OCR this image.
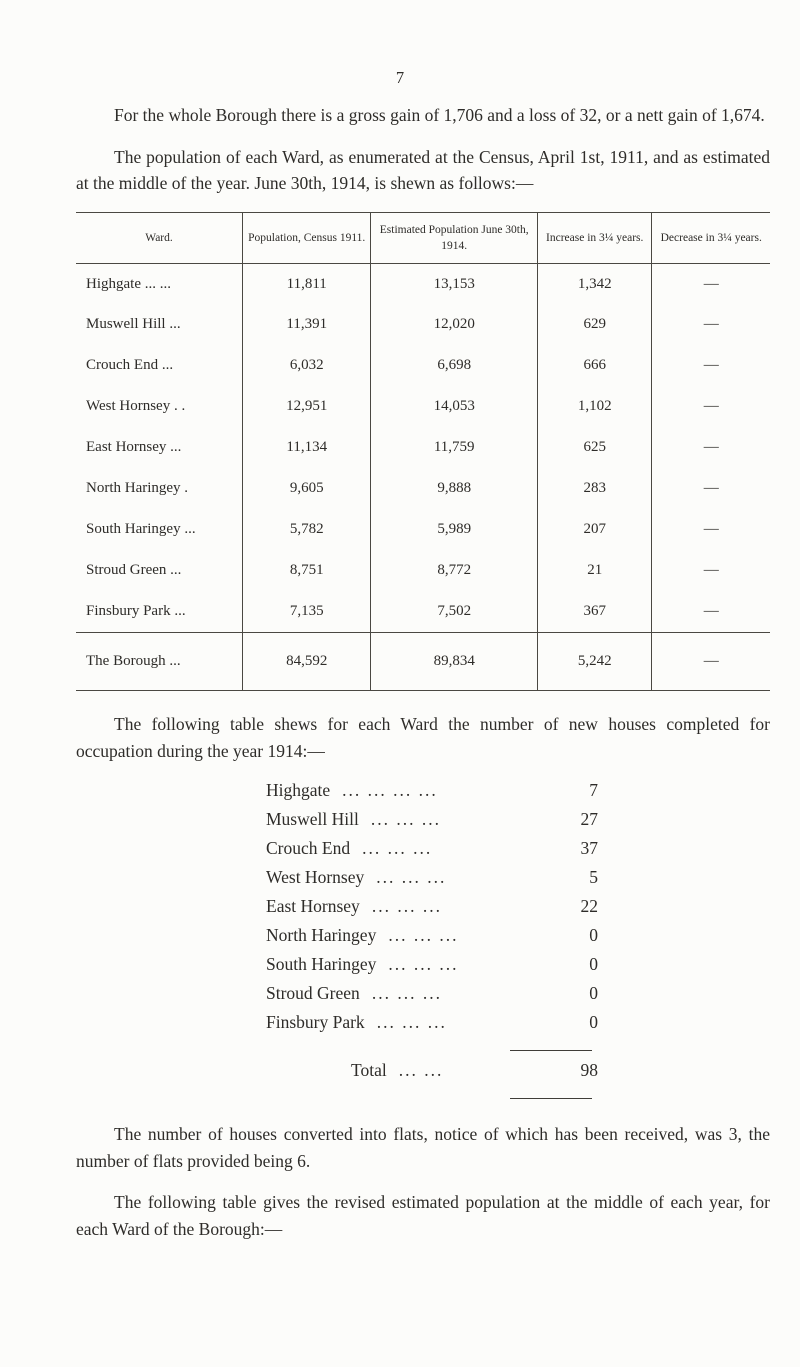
7

For the whole Borough there is a gross gain of 1,706 and a loss of 32, or a nett gain of 1,674.

The population of each Ward, as enumerated at the Census, April 1st, 1911, and as estimated at the middle of the year. June 30th, 1914, is shewn as follows:—

Ward.	Population, Census 1911.	Estimated Population June 30th, 1914.	Increase in 3¼ years.	Decrease in 3¼ years.
Highgate ... ...	11,811	13,153	1,342	—
Muswell Hill ...	11,391	12,020	629	—
Crouch End ...	6,032	6,698	666	—
West Hornsey . .	12,951	14,053	1,102	—
East Hornsey ...	11,134	11,759	625	—
North Haringey .	9,605	9,888	283	—
South Haringey ...	5,782	5,989	207	—
Stroud Green ...	8,751	8,772	21	—
Finsbury Park ...	7,135	7,502	367	—
The Borough ...	84,592	89,834	5,242	—

The following table shews for each Ward the number of new houses completed for occupation during the year 1914:—

Highgate ... ... ... ...	7
Muswell Hill ... ... ...	27
Crouch End ... ... ...	37
West Hornsey ... ... ...	5
East Hornsey ... ... ...	22
North Haringey ... ... ...	0
South Haringey ... ... ...	0
Stroud Green ... ... ...	0
Finsbury Park ... ... ...	0
Total ... ...	98

The number of houses converted into flats, notice of which has been received, was 3, the number of flats provided being 6.

The following table gives the revised estimated population at the middle of each year, for each Ward of the Borough:—
